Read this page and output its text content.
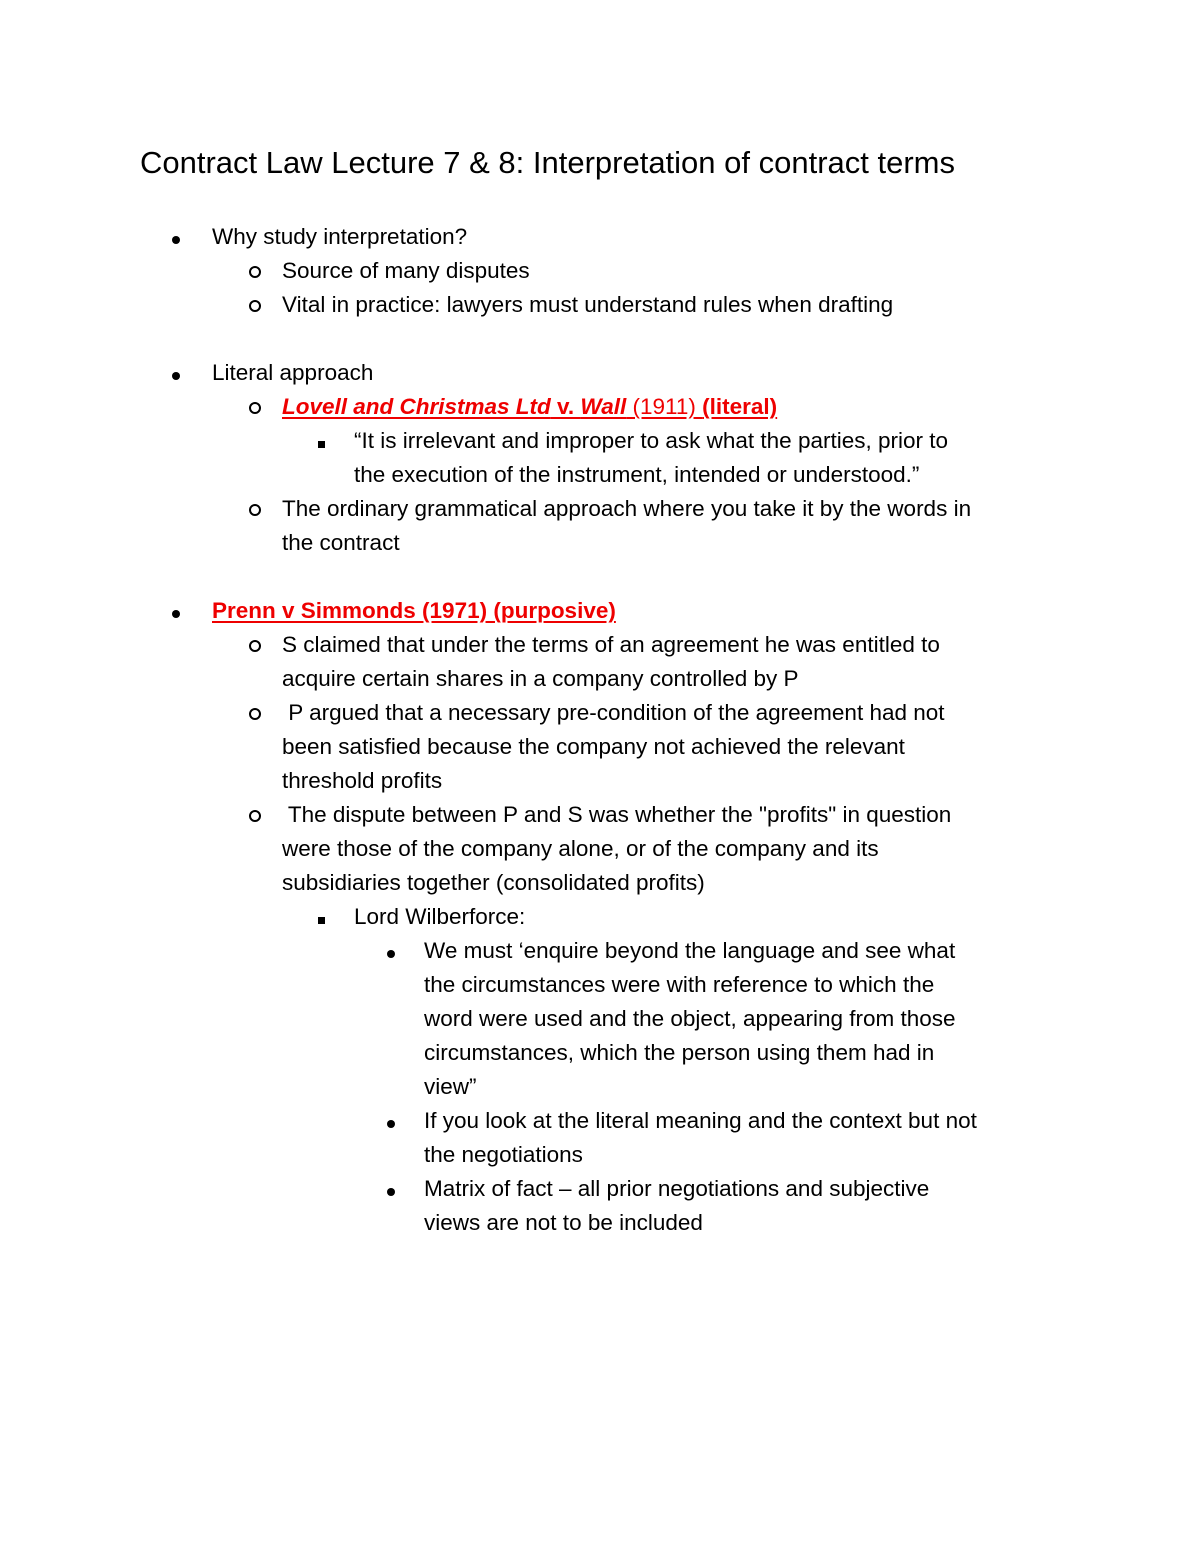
Contract Law Lecture 7 & 8: Interpretation of contract terms
Why study interpretation?
Source of many disputes
Vital in practice: lawyers must understand rules when drafting
Literal approach
Lovell and Christmas Ltd v. Wall (1911) (literal)
“It is irrelevant and improper to ask what the parties, prior to
the execution of the instrument, intended or understood.”
The ordinary grammatical approach where you take it by the words in
the contract
Prenn v Simmonds (1971) (purposive)
S claimed that under the terms of an agreement he was entitled to
acquire certain shares in a company controlled by P
P argued that a necessary pre-condition of the agreement had not
been satisfied because the company not achieved the relevant
threshold profits
The dispute between P and S was whether the "profits" in question
were those of the company alone, or of the company and its
subsidiaries together (consolidated profits)
Lord Wilberforce:
We must ‘enquire beyond the language and see what
the circumstances were with reference to which the
word were used and the object, appearing from those
circumstances, which the person using them had in
view”
If you look at the literal meaning and the context but not
the negotiations
Matrix of fact – all prior negotiations and subjective
views are not to be included
